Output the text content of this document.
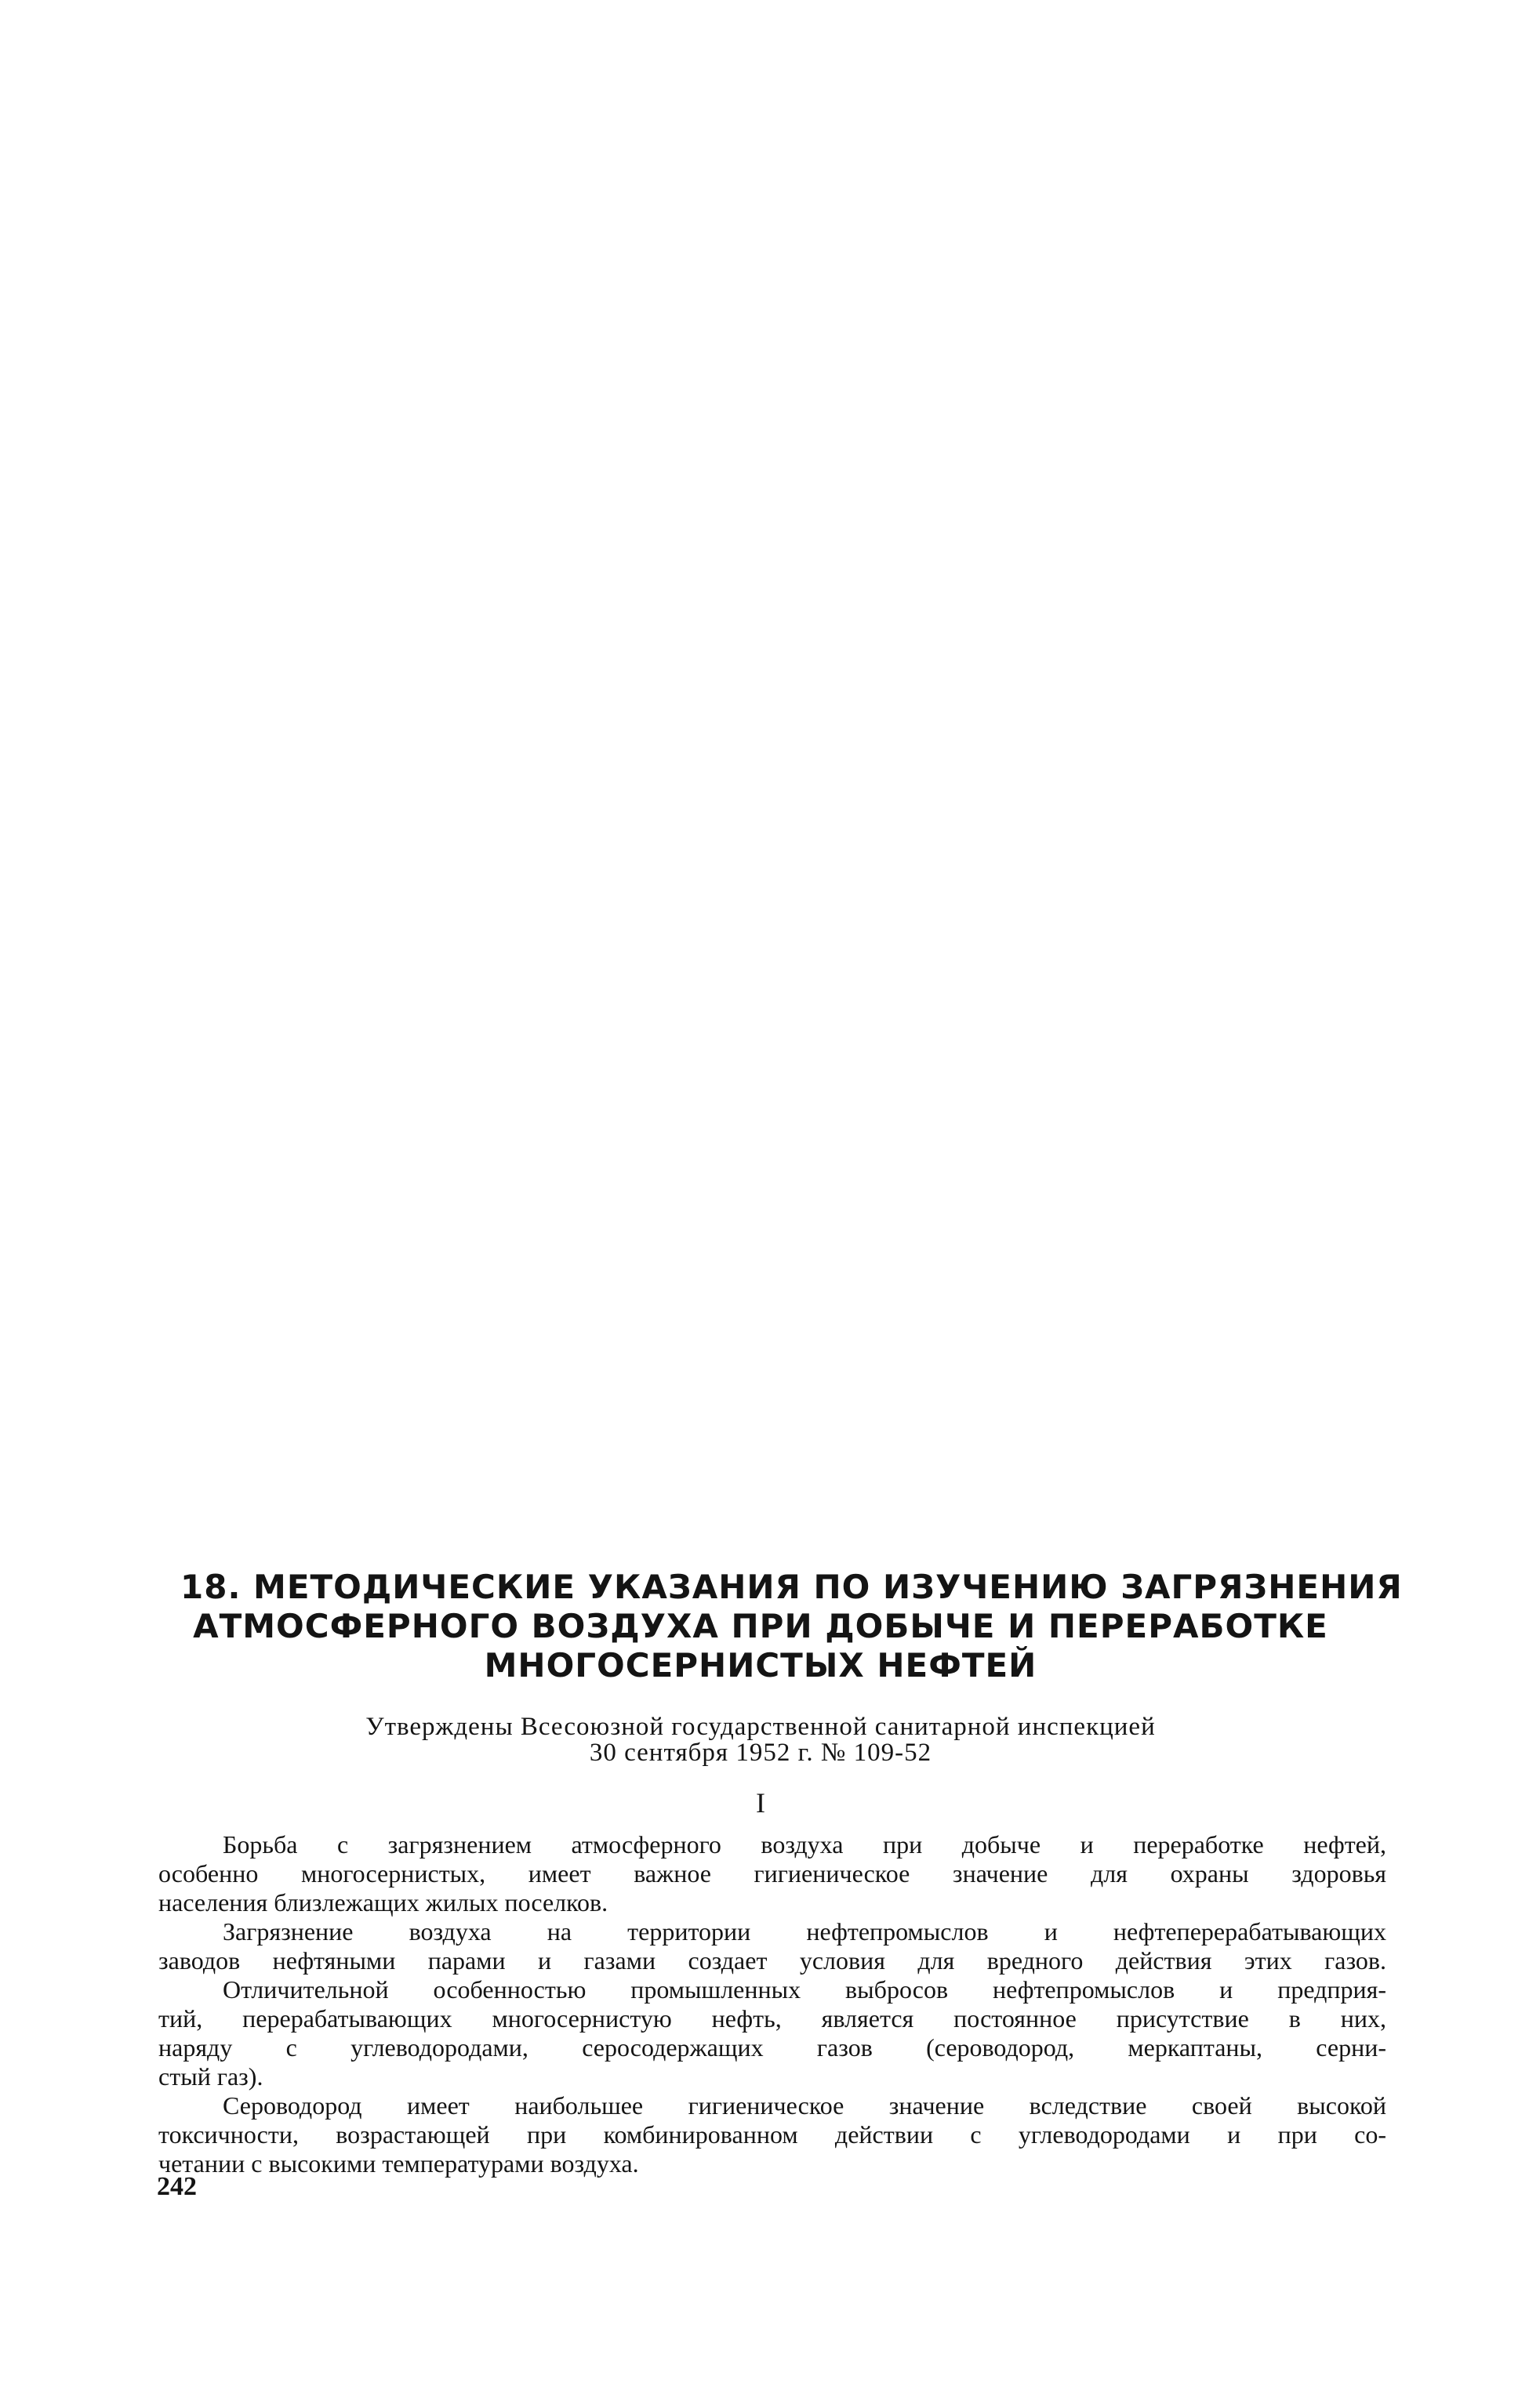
18. МЕТОДИЧЕСКИЕ УКАЗАНИЯ ПО ИЗУЧЕНИЮ ЗАГРЯЗНЕНИЯ
АТМОСФЕРНОГО ВОЗДУХА ПРИ ДОБЫЧЕ И ПЕРЕРАБОТКЕ
МНОГОСЕРНИСТЫХ НЕФТЕЙ
Утверждены Всесоюзной государственной санитарной инспекцией
30 сентября 1952 г. № 109-52
I
Борьба с загрязнением атмосферного воздуха при добыче и переработке нефтей,
особенно многосернистых, имеет важное гигиеническое значение для охраны здоровья
населения близлежащих жилых поселков.
Загрязнение воздуха на территории нефтепромыслов и нефтеперерабатывающих
заводов нефтяными парами и газами создает условия для вредного действия этих газов.
Отличительной особенностью промышленных выбросов нефтепромыслов и предприя-
тий, перерабатывающих многосернистую нефть, является постоянное присутствие в них,
наряду с углеводородами, серосодержащих газов (сероводород, меркаптаны, серни-
стый газ).
Сероводород имеет наибольшее гигиеническое значение вследствие своей высокой
токсичности, возрастающей при комбинированном действии с углеводородами и при со-
четании с высокими температурами воздуха.
242
